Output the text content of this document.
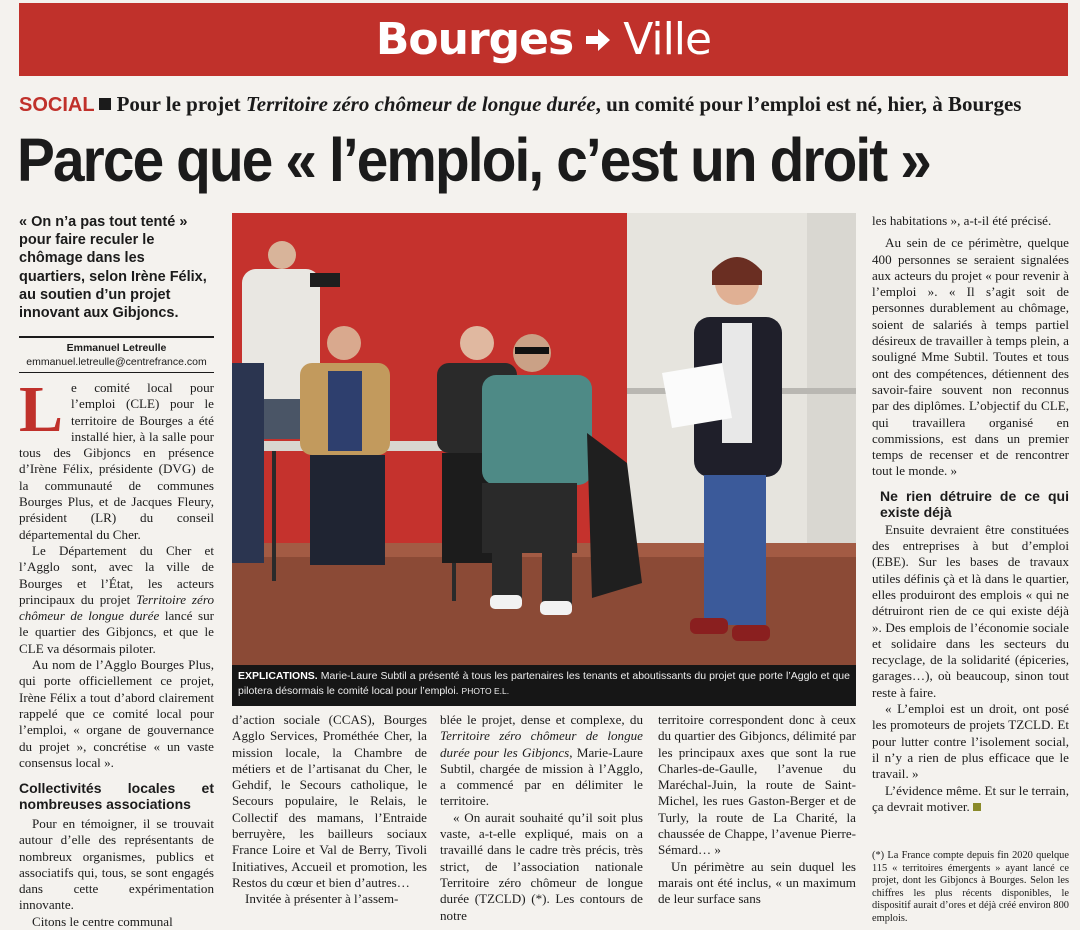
Bourges Ville
SOCIAL Pour le projet Territoire zéro chômeur de longue durée, un comité pour l’emploi est né, hier, à Bourges
Parce que « l’emploi, c’est un droit »
« On n’a pas tout tenté » pour faire reculer le chômage dans les quartiers, selon Irène Félix, au soutien d’un projet innovant aux Gibjoncs.
Emmanuel Letreulle
emmanuel.letreulle@centrefrance.com

Le comité local pour l’emploi (CLE) pour le territoire de Bourges a été installé hier, à la salle pour tous des Gibjoncs en présence d’Irène Félix, présidente (DVG) de la communauté de communes Bourges Plus, et de Jacques Fleury, président (LR) du conseil départemental du Cher.

Le Département du Cher et l’Agglo sont, avec la ville de Bourges et l’État, les acteurs principaux du projet Territoire zéro chômeur de longue durée lancé sur le quartier des Gibjoncs, et que le CLE va désormais piloter.

Au nom de l’Agglo Bourges Plus, qui porte officiellement ce projet, Irène Félix a tout d’abord clairement rappelé que ce comité local pour l’emploi, « organe de gouvernance du projet », concrétise « un vaste consensus local ».

Collectivités locales et nombreuses associations

Pour en témoigner, il se trouvait autour d’elle des représentants de nombreux organismes, publics et associatifs qui, tous, se sont engagés dans cette expérimentation innovante.

Citons le centre communal

EXPLICATIONS. Marie-Laure Subtil a présenté à tous les partenaires les tenants et aboutissants du projet que porte l’Agglo et que pilotera désormais le comité local pour l’emploi. PHOTO E.L.

d’action sociale (CCAS), Bourges Agglo Services, Prométhée Cher, la mission locale, la Chambre de métiers et de l’artisanat du Cher, le Gehdif, le Secours catholique, le Secours populaire, le Relais, le Collectif des mamans, l’Entraide berruyère, les bailleurs sociaux France Loire et Val de Berry, Tivoli Initiatives, Accueil et promotion, les Restos du cœur et bien d’autres…

Invitée à présenter à l’assem-

blée le projet, dense et complexe, du Territoire zéro chômeur de longue durée pour les Gibjoncs, Marie-Laure Subtil, chargée de mission à l’Agglo, a commencé par en délimiter le territoire.

« On aurait souhaité qu’il soit plus vaste, a-t-elle expliqué, mais on a travaillé dans le cadre très précis, très strict, de l’association nationale Territoire zéro chômeur de longue durée (TZCLD) (*). Les contours de notre

territoire correspondent donc à ceux du quartier des Gibjoncs, délimité par les principaux axes que sont la rue Charles-de-Gaulle, l’avenue du Maréchal-Juin, la route de Saint-Michel, les rues Gaston-Berger et de Turly, la route de La Charité, la chaussée de Chappe, l’avenue Pierre-Sémard… »

Un périmètre au sein duquel les marais ont été inclus, « un maximum de leur surface sans

les habitations », a-t-il été précisé.

Au sein de ce périmètre, quelque 400 personnes se seraient signalées aux acteurs du projet « pour revenir à l’emploi ». « Il s’agit soit de personnes durablement au chômage, soient de salariés à temps partiel désireux de travailler à temps plein, a souligné Mme Subtil. Toutes et tous ont des compétences, détiennent des savoir-faire souvent non reconnus par des diplômes. L’objectif du CLE, qui travaillera organisé en commissions, est dans un premier temps de recenser et de rencontrer tout le monde. »

Ne rien détruire de ce qui existe déjà

Ensuite devraient être constituées des entreprises à but d’emploi (EBE). Sur les bases de travaux utiles définis çà et là dans le quartier, elles produiront des emplois « qui ne détruiront rien de ce qui existe déjà ». Des emplois de l’économie sociale et solidaire dans les secteurs du recyclage, de la solidarité (épiceries, garages…), où beaucoup, sinon tout reste à faire.

« L’emploi est un droit, ont posé les promoteurs de projets TZCLD. Et pour lutter contre l’isolement social, il n’y a rien de plus efficace que le travail. »

L’évidence même. Et sur le terrain, ça devrait motiver.

(*) La France compte depuis fin 2020 quelque 115 « territoires émergents » ayant lancé ce projet, dont les Gibjoncs à Bourges. Selon les chiffres les plus récents disponibles, le dispositif aurait d’ores et déjà créé environ 800 emplois.
